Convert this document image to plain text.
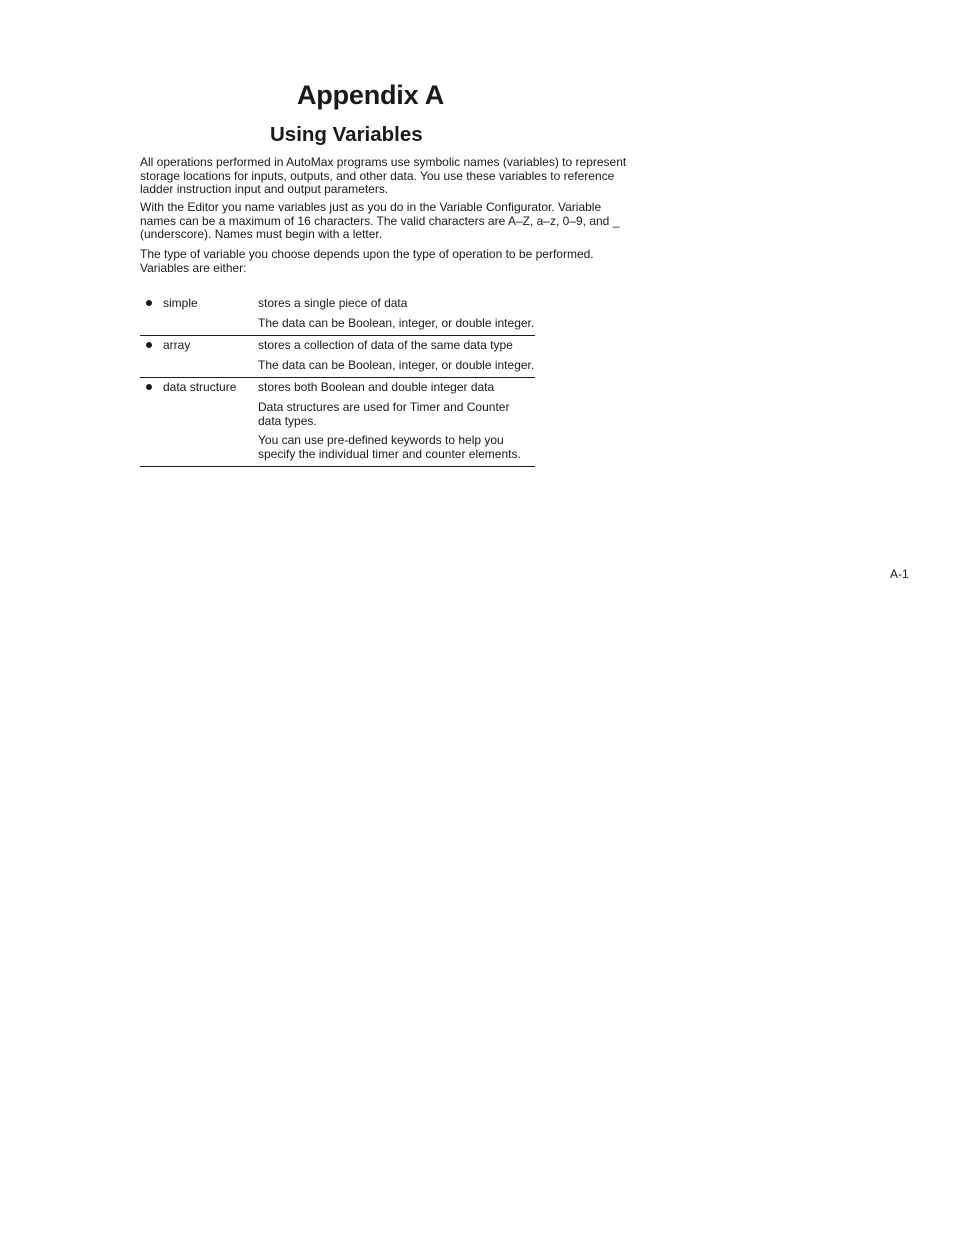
Appendix A
Using Variables

All operations performed in AutoMax programs use symbolic names (variables) to represent storage locations for inputs, outputs, and other data. You use these variables to reference ladder instruction input and output parameters.

With the Editor you name variables just as you do in the Variable Configurator. Variable names can be a maximum of 16 characters. The valid characters are A–Z, a–z, 0–9, and _ (underscore). Names must begin with a letter.

The type of variable you choose depends upon the type of operation to be performed. Variables are either:

simple	stores a single piece of data
The data can be Boolean, integer, or double integer.

array	stores a collection of data of the same data type
The data can be Boolean, integer, or double integer.

data structure	stores both Boolean and double integer data
Data structures are used for Timer and Counter data types.
You can use pre-defined keywords to help you specify the individual timer and counter elements.

A-1
